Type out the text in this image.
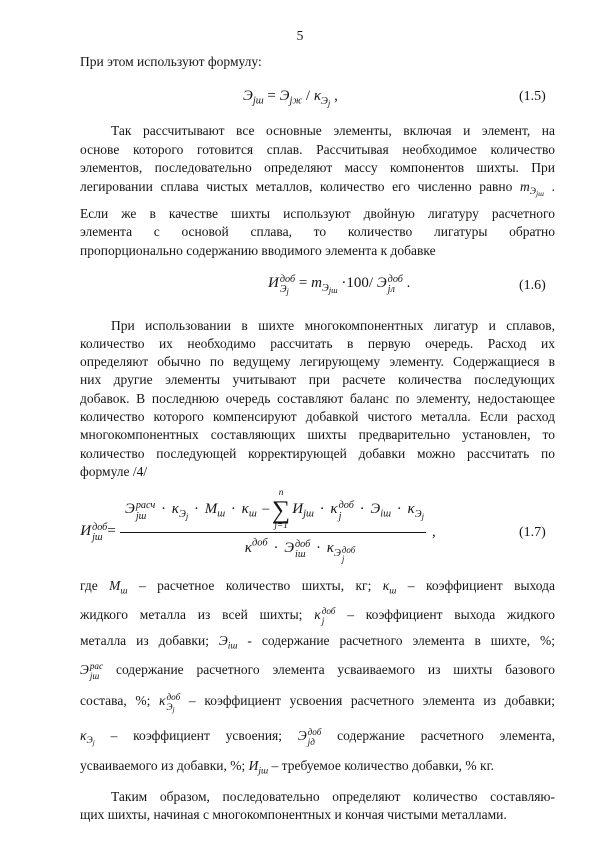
5
При этом используют формулу:
$Э_{jш} = Э_{jж} / \kappa_{Э_j}$ ,	(1.5)
Так рассчитывают все основные элементы, включая и элемент, на
основе которого готовится сплав. Рассчитывая необходимое количество
элементов, последовательно определяют массу компонентов шихты. При
легировании сплава чистых металлов, количество его численно равно $m_{Э_{jш}}$ .
Если же в качестве шихты используют двойную лигатуру расчетного
элемента с основой сплава, то количество лигатуры обратно
пропорционально содержанию вводимого элемента к добавке
И доб
$Э_j$
= $m_{Э_{jш}} \cdot 100/$ Э доб
jл .	(1.6)
При использовании в шихте многокомпонентных лигатур и сплавов,
количество их необходимо рассчитать в первую очередь. Расход их
определяют обычно по ведущему легирующему элементу. Содержащиеся в
них другие элементы учитывают при расчете количества последующих
добавок. В последнюю очередь составляют баланс по элементу, недостающее
количество которого компенсируют добавкой чистого металла. Если расход
многокомпонентных составляющих шихты предварительно установлен, то
количество последующей корректирующей добавки можно рассчитать по
формуле /4/
И доб
jш =
Э расч
jш · $\kappa_{Э_j} \cdot M_ш \cdot \kappa_ш$ −
n
∑
j=1
$И_{jш} \cdot \kappa$ доб
j	· $Э_{iш} \cdot \kappa_{Э_j}$
$\kappa^{доб} \cdot Э$ доб
iш · $\kappa_{Э доб j}$
,	(1.7)
где $M_ш$ – расчетное количество шихты, кг; $\kappa_ш$ – коэффициент выхода
жидкого металла из всей шихты; κ доб
j	– коэффициент выхода жидкого
металла из добавки; $Э_{iш}$ - содержание расчетного элемента в шихте, %;
Э рас
jш содержание расчетного элемента усваиваемого из шихты базового
состава, %; κ доб
$Э_j$
– коэффициент усвоения расчетного элемента из добавки;
$\kappa_{Э_j}$ – коэффициент усвоения; Э доб
jд	содержание расчетного элемента,
усваиваемого из добавки, %; $И_{jш}$ – требуемое количество добавки, % кг.
Таким образом, последовательно определяют количество составляю-
щих шихты, начиная с многокомпонентных и кончая чистыми металлами.
